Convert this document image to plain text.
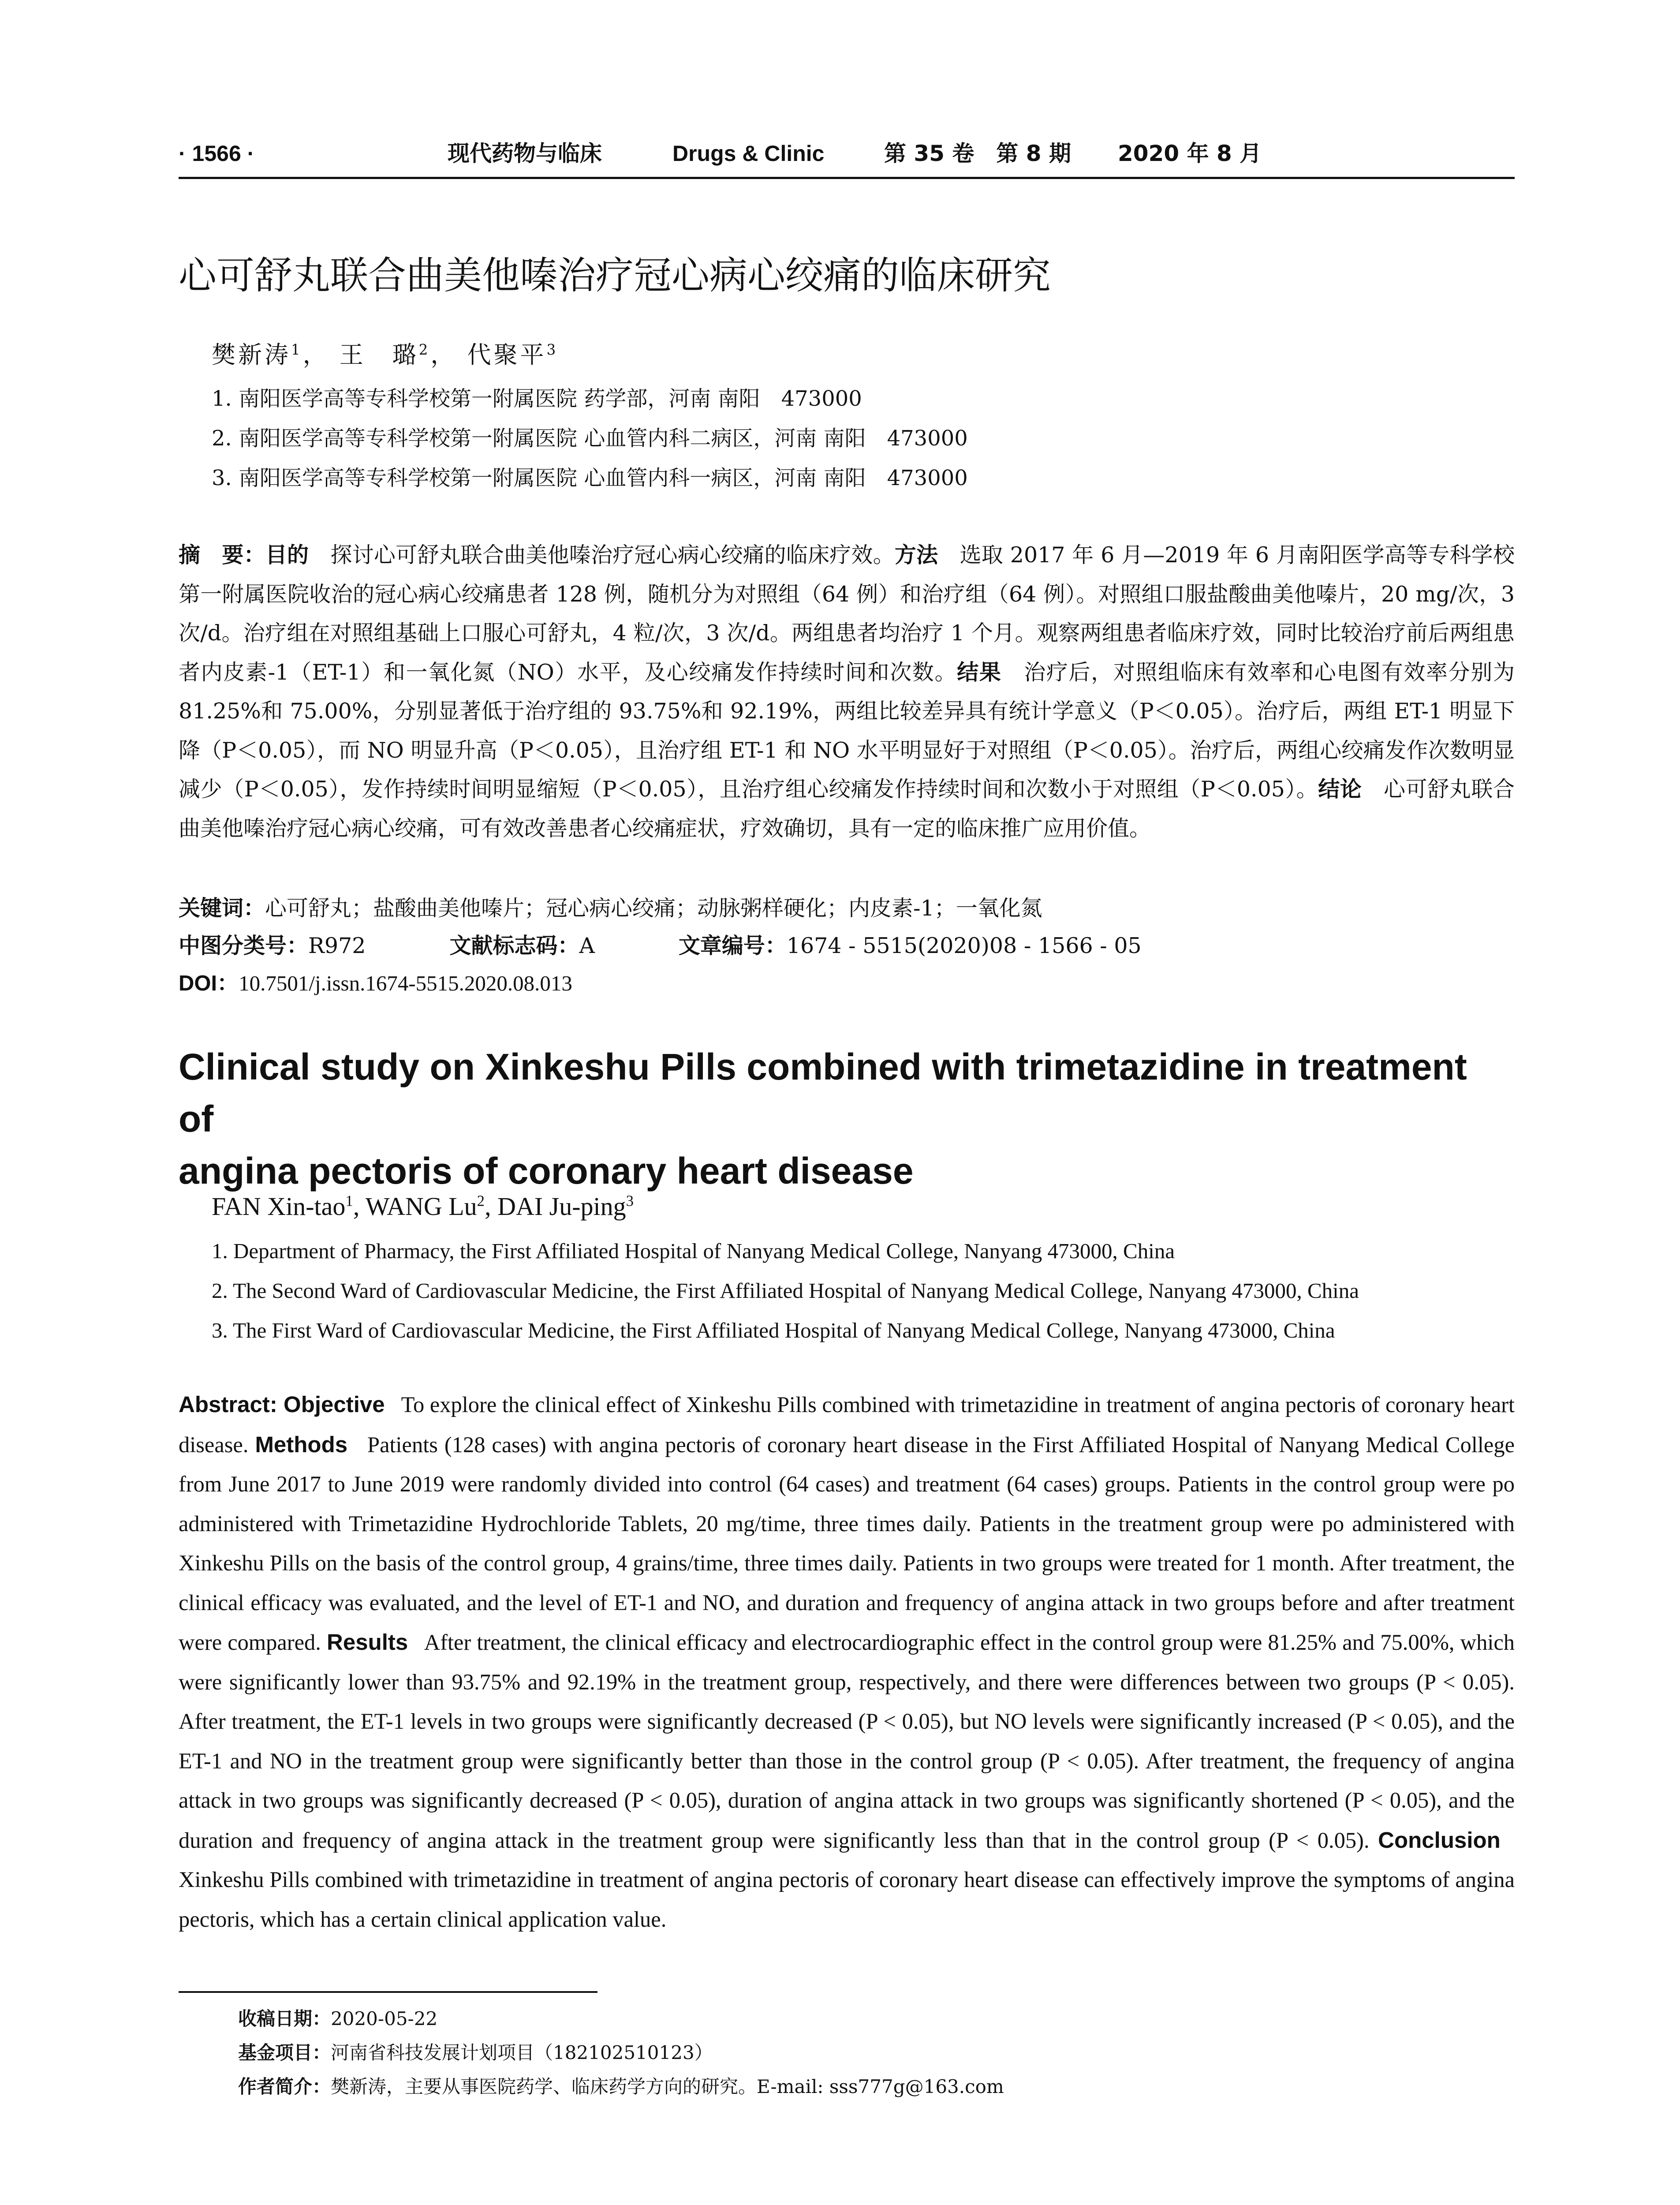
· 1566 ·	现代药物与临床	Drugs & Clinic	第 35 卷　第 8 期 2020 年 8 月
心可舒丸联合曲美他嗪治疗冠心病心绞痛的临床研究
樊新涛$^1$， 王　璐$^2$， 代聚平$^3$
1. 南阳医学高等专科学校第一附属医院 药学部，河南 南阳　473000
2. 南阳医学高等专科学校第一附属医院 心血管内科二病区，河南 南阳　473000
3. 南阳医学高等专科学校第一附属医院 心血管内科一病区，河南 南阳　473000
摘　要：目的　 探讨心可舒丸联合曲美他嗪治疗冠心病心绞痛的临床疗效。方法　 选取 2017 年 6 月—2019 年 6 月南阳医学高等专科学校第一附属医院收治的冠心病心绞痛患者 128 例，随机分为对照组（64 例）和治疗组（64 例）。对照组口服盐酸曲美他嗪片，20 mg/次，3 次/d。治疗组在对照组基础上口服心可舒丸，4 粒/次，3 次/d。两组患者均治疗 1 个月。观察两组患者临床疗效，同时比较治疗前后两组患者内皮素-1（ET-1）和一氧化氮（NO）水平，及心绞痛发作持续时间和次数。结果　 治疗后，对照组临床有效率和心电图有效率分别为 81.25%和 75.00%，分别显著低于治疗组的 93.75%和 92.19%，两组比较差异具有统计学意义（P＜0.05）。治疗后，两组 ET-1 明显下降（P＜0.05），而 NO 明显升高（P＜0.05），且治疗组 ET-1 和 NO 水平明显好于对照组（P＜0.05）。治疗后，两组心绞痛发作次数明显减少（P＜0.05），发作持续时间明显缩短（P＜0.05），且治疗组心绞痛发作持续时间和次数小于对照组（P＜0.05）。结论　 心可舒丸联合曲美他嗪治疗冠心病心绞痛，可有效改善患者心绞痛症状，疗效确切，具有一定的临床推广应用价值。
关键词：心可舒丸；盐酸曲美他嗪片；冠心病心绞痛；动脉粥样硬化；内皮素-1；一氧化氮
中图分类号：R972	文献标志码：A	文章编号：1674 - 5515(2020)08 - 1566 - 05
DOI：10.7501/j.issn.1674-5515.2020.08.013
Clinical study on Xinkeshu Pills combined with trimetazidine in treatment of
angina pectoris of coronary heart disease
FAN Xin-tao$^1$, WANG Lu$^2$, DAI Ju-ping$^3$
1. Department of Pharmacy, the First Affiliated Hospital of Nanyang Medical College, Nanyang 473000, China
2. The Second Ward of Cardiovascular Medicine, the First Affiliated Hospital of Nanyang Medical College, Nanyang 473000, China
3. The First Ward of Cardiovascular Medicine, the First Affiliated Hospital of Nanyang Medical College, Nanyang 473000, China
Abstract: Objective To explore the clinical effect of Xinkeshu Pills combined with trimetazidine in treatment of angina pectoris of coronary heart disease. Methods Patients (128 cases) with angina pectoris of coronary heart disease in the First Affiliated Hospital of Nanyang Medical College from June 2017 to June 2019 were randomly divided into control (64 cases) and treatment (64 cases) groups. Patients in the control group were po administered with Trimetazidine Hydrochloride Tablets, 20 mg/time, three times daily. Patients in the treatment group were po administered with Xinkeshu Pills on the basis of the control group, 4 grains/time, three times daily. Patients in two groups were treated for 1 month. After treatment, the clinical efficacy was evaluated, and the level of ET-1 and NO, and duration and frequency of angina attack in two groups before and after treatment were compared. Results After treatment, the clinical efficacy and electrocardiographic effect in the control group were 81.25% and 75.00%, which were significantly lower than 93.75% and 92.19% in the treatment group, respectively, and there were differences between two groups (P < 0.05). After treatment, the ET-1 levels in two groups were significantly decreased (P < 0.05), but NO levels were significantly increased (P < 0.05), and the ET-1 and NO in the treatment group were significantly better than those in the control group (P < 0.05). After treatment, the frequency of angina attack in two groups was significantly decreased (P < 0.05), duration of angina attack in two groups was significantly shortened (P < 0.05), and the duration and frequency of angina attack in the treatment group were significantly less than that in the control group (P < 0.05). Conclusion   Xinkeshu Pills combined with trimetazidine in treatment of angina pectoris of coronary heart disease can effectively improve the symptoms of angina pectoris, which has a certain clinical application value.
收稿日期：2020-05-22
基金项目：河南省科技发展计划项目（182102510123）
作者简介：樊新涛，主要从事医院药学、临床药学方向的研究。E-mail: sss777g@163.com
